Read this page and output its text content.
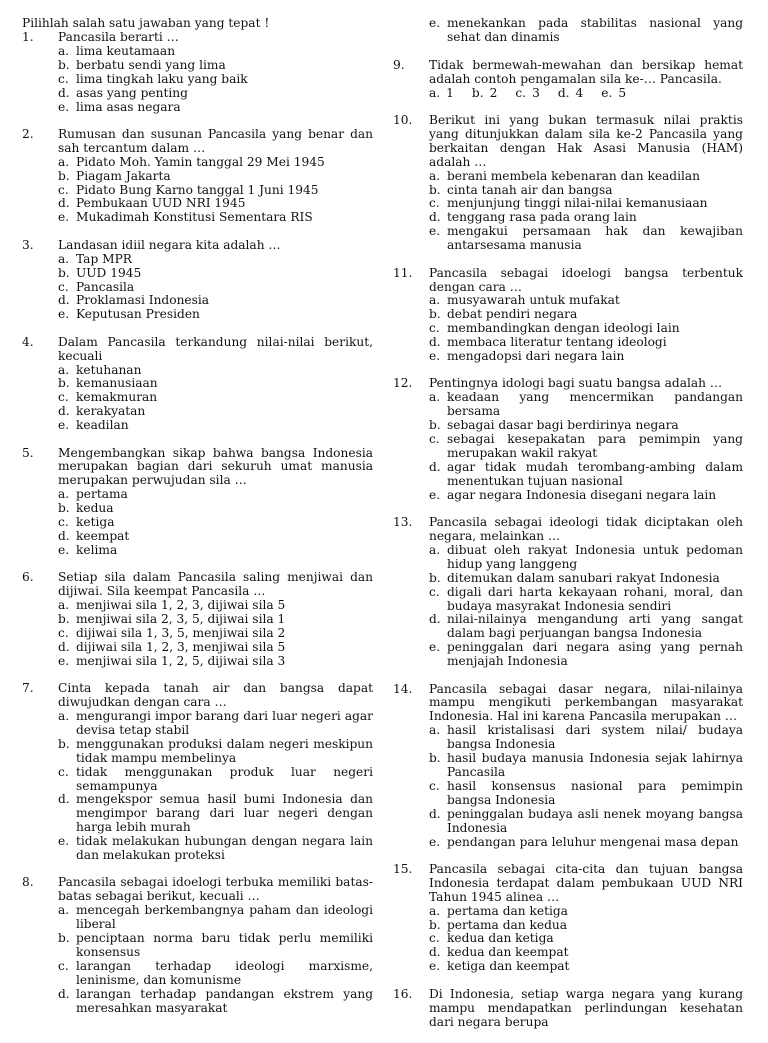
Pilihlah salah satu jawaban yang tepat !
1. Pancasila berarti …
a. lima keutamaan
b. berbatu sendi yang lima
c. lima tingkah laku yang baik
d. asas yang penting
e. lima asas negara
2. Rumusan dan susunan Pancasila yang benar dan sah tercantum dalam …
a. Pidato Moh. Yamin tanggal 29 Mei 1945
b. Piagam Jakarta
c. Pidato Bung Karno tanggal 1 Juni 1945
d. Pembukaan UUD NRI 1945
e. Mukadimah Konstitusi Sementara RIS
3. Landasan idiil negara kita adalah …
a. Tap MPR
b. UUD 1945
c. Pancasila
d. Proklamasi Indonesia
e. Keputusan Presiden
4. Dalam Pancasila terkandung nilai-nilai berikut, kecuali
a. ketuhanan
b. kemanusiaan
c. kemakmuran
d. kerakyatan
e. keadilan
5. Mengembangkan sikap bahwa bangsa Indonesia merupakan bagian dari sekuruh umat manusia merupakan perwujudan sila …
a. pertama
b. kedua
c. ketiga
d. keempat
e. kelima
6. Setiap sila dalam Pancasila saling menjiwai dan dijiwai. Sila keempat Pancasila …
a. menjiwai sila 1, 2, 3, dijiwai sila 5
b. menjiwai sila 2, 3, 5, dijiwai sila 1
c. dijiwai sila 1, 3, 5, menjiwai sila 2
d. dijiwai sila 1, 2, 3, menjiwai sila 5
e. menjiwai sila 1, 2, 5, dijiwai sila 3
7. Cinta kepada tanah air dan bangsa dapat diwujudkan dengan cara …
a. mengurangi impor barang dari luar negeri agar devisa tetap stabil
b. menggunakan produksi dalam negeri meskipun tidak mampu membelinya
c. tidak menggunakan produk luar negeri semampunya
d. mengekspor semua hasil bumi Indonesia dan mengimpor barang dari luar negeri dengan harga lebih murah
e. tidak melakukan hubungan dengan negara lain dan melakukan proteksi
8. Pancasila sebagai idoelogi terbuka memiliki batas-batas sebagai berikut, kecuali …
a. mencegah berkembangnya paham dan ideologi liberal
b. penciptaan norma baru tidak perlu memiliki konsensus
c. larangan terhadap ideologi marxisme, leninisme, dan komunisme
d. larangan terhadap pandangan ekstrem yang meresahkan masyarakat
e. menekankan pada stabilitas nasional yang sehat dan dinamis
9. Tidak bermewah-mewahan dan bersikap hemat adalah contoh pengamalan sila ke-… Pancasila.
a. 1 b. 2 c. 3 d. 4 e. 5
10. Berikut ini yang bukan termasuk nilai praktis yang ditunjukkan dalam sila ke-2 Pancasila yang berkaitan dengan Hak Asasi Manusia (HAM) adalah …
a. berani membela kebenaran dan keadilan
b. cinta tanah air dan bangsa
c. menjunjung tinggi nilai-nilai kemanusiaan
d. tenggang rasa pada orang lain
e. mengakui persamaan hak dan kewajiban antarsesama manusia
11. Pancasila sebagai idoelogi bangsa terbentuk dengan cara …
a. musyawarah untuk mufakat
b. debat pendiri negara
c. membandingkan dengan ideologi lain
d. membaca literatur tentang ideologi
e. mengadopsi dari negara lain
12. Pentingnya idologi bagi suatu bangsa adalah …
a. keadaan yang mencermikan pandangan bersama
b. sebagai dasar bagi berdirinya negara
c. sebagai kesepakatan para pemimpin yang merupakan wakil rakyat
d. agar tidak mudah terombang-ambing dalam menentukan tujuan nasional
e. agar negara Indonesia disegani negara lain
13. Pancasila sebagai ideologi tidak diciptakan oleh negara, melainkan …
a. dibuat oleh rakyat Indonesia untuk pedoman hidup yang langgeng
b. ditemukan dalam sanubari rakyat Indonesia
c. digali dari harta kekayaan rohani, moral, dan budaya masyrakat Indonesia sendiri
d. nilai-nilainya mengandung arti yang sangat dalam bagi perjuangan bangsa Indonesia
e. peninggalan dari negara asing yang pernah menjajah Indonesia
14. Pancasila sebagai dasar negara, nilai-nilainya mampu mengikuti perkembangan masyarakat Indonesia. Hal ini karena Pancasila merupakan …
a. hasil kristalisasi dari system nilai/ budaya bangsa Indonesia
b. hasil budaya manusia Indonesia sejak lahirnya Pancasila
c. hasil konsensus nasional para pemimpin bangsa Indonesia
d. peninggalan budaya asli nenek moyang bangsa Indonesia
e. pendangan para leluhur mengenai masa depan
15. Pancasila sebagai cita-cita dan tujuan bangsa Indonesia terdapat dalam pembukaan UUD NRI Tahun 1945 alinea …
a. pertama dan ketiga
b. pertama dan kedua
c. kedua dan ketiga
d. kedua dan keempat
e. ketiga dan keempat
16. Di Indonesia, setiap warga negara yang kurang mampu mendapatkan perlindungan kesehatan dari negara berupa
